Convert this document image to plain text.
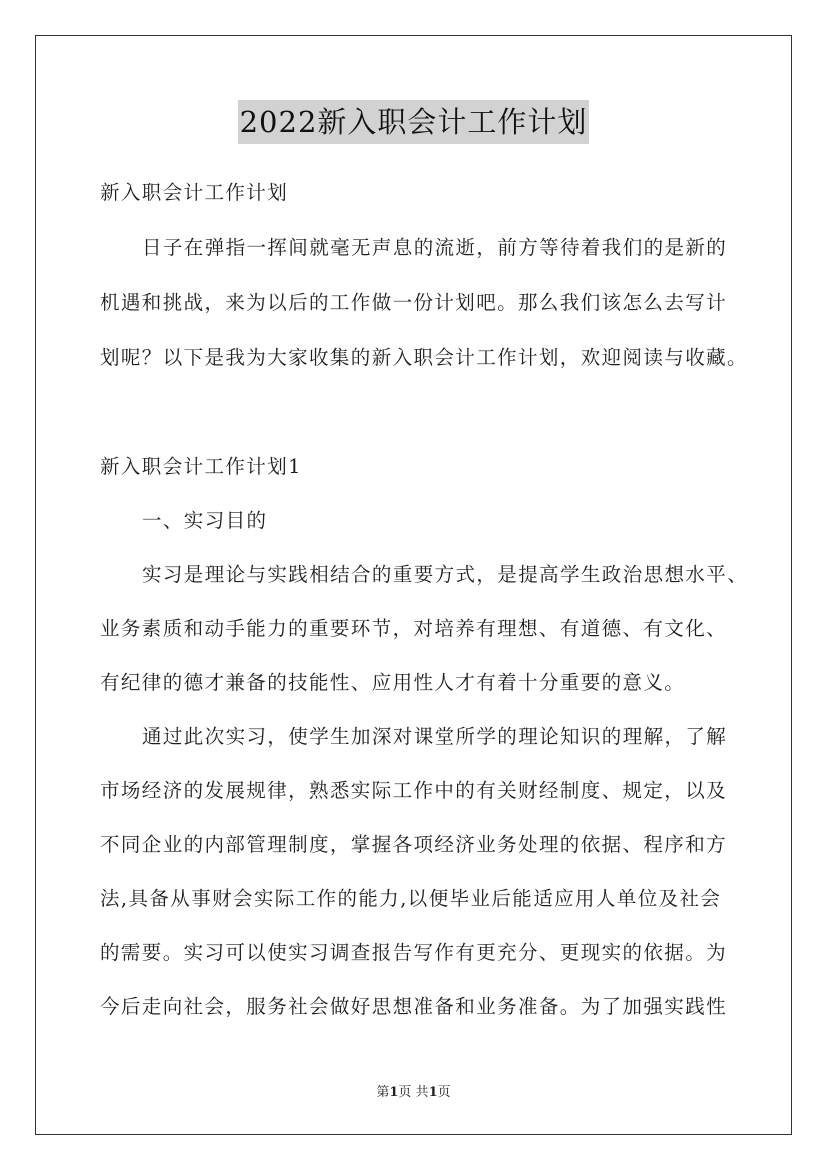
2022新入职会计工作计划
新入职会计工作计划
日子在弹指一挥间就毫无声息的流逝，前方等待着我们的是新的
机遇和挑战，来为以后的工作做一份计划吧。那么我们该怎么去写计
划呢？以下是我为大家收集的新入职会计工作计划，欢迎阅读与收藏。
新入职会计工作计划1
一、实习目的
实习是理论与实践相结合的重要方式，是提高学生政治思想水平、
业务素质和动手能力的重要环节，对培养有理想、有道德、有文化、
有纪律的德才兼备的技能性、应用性人才有着十分重要的意义。
通过此次实习，使学生加深对课堂所学的理论知识的理解，了解
市场经济的发展规律，熟悉实际工作中的有关财经制度、规定，以及
不同企业的内部管理制度，掌握各项经济业务处理的依据、程序和方
法,具备从事财会实际工作的能力,以便毕业后能适应用人单位及社会
的需要。实习可以使实习调查报告写作有更充分、更现实的依据。为
今后走向社会，服务社会做好思想准备和业务准备。为了加强实践性
第1页 共1页
